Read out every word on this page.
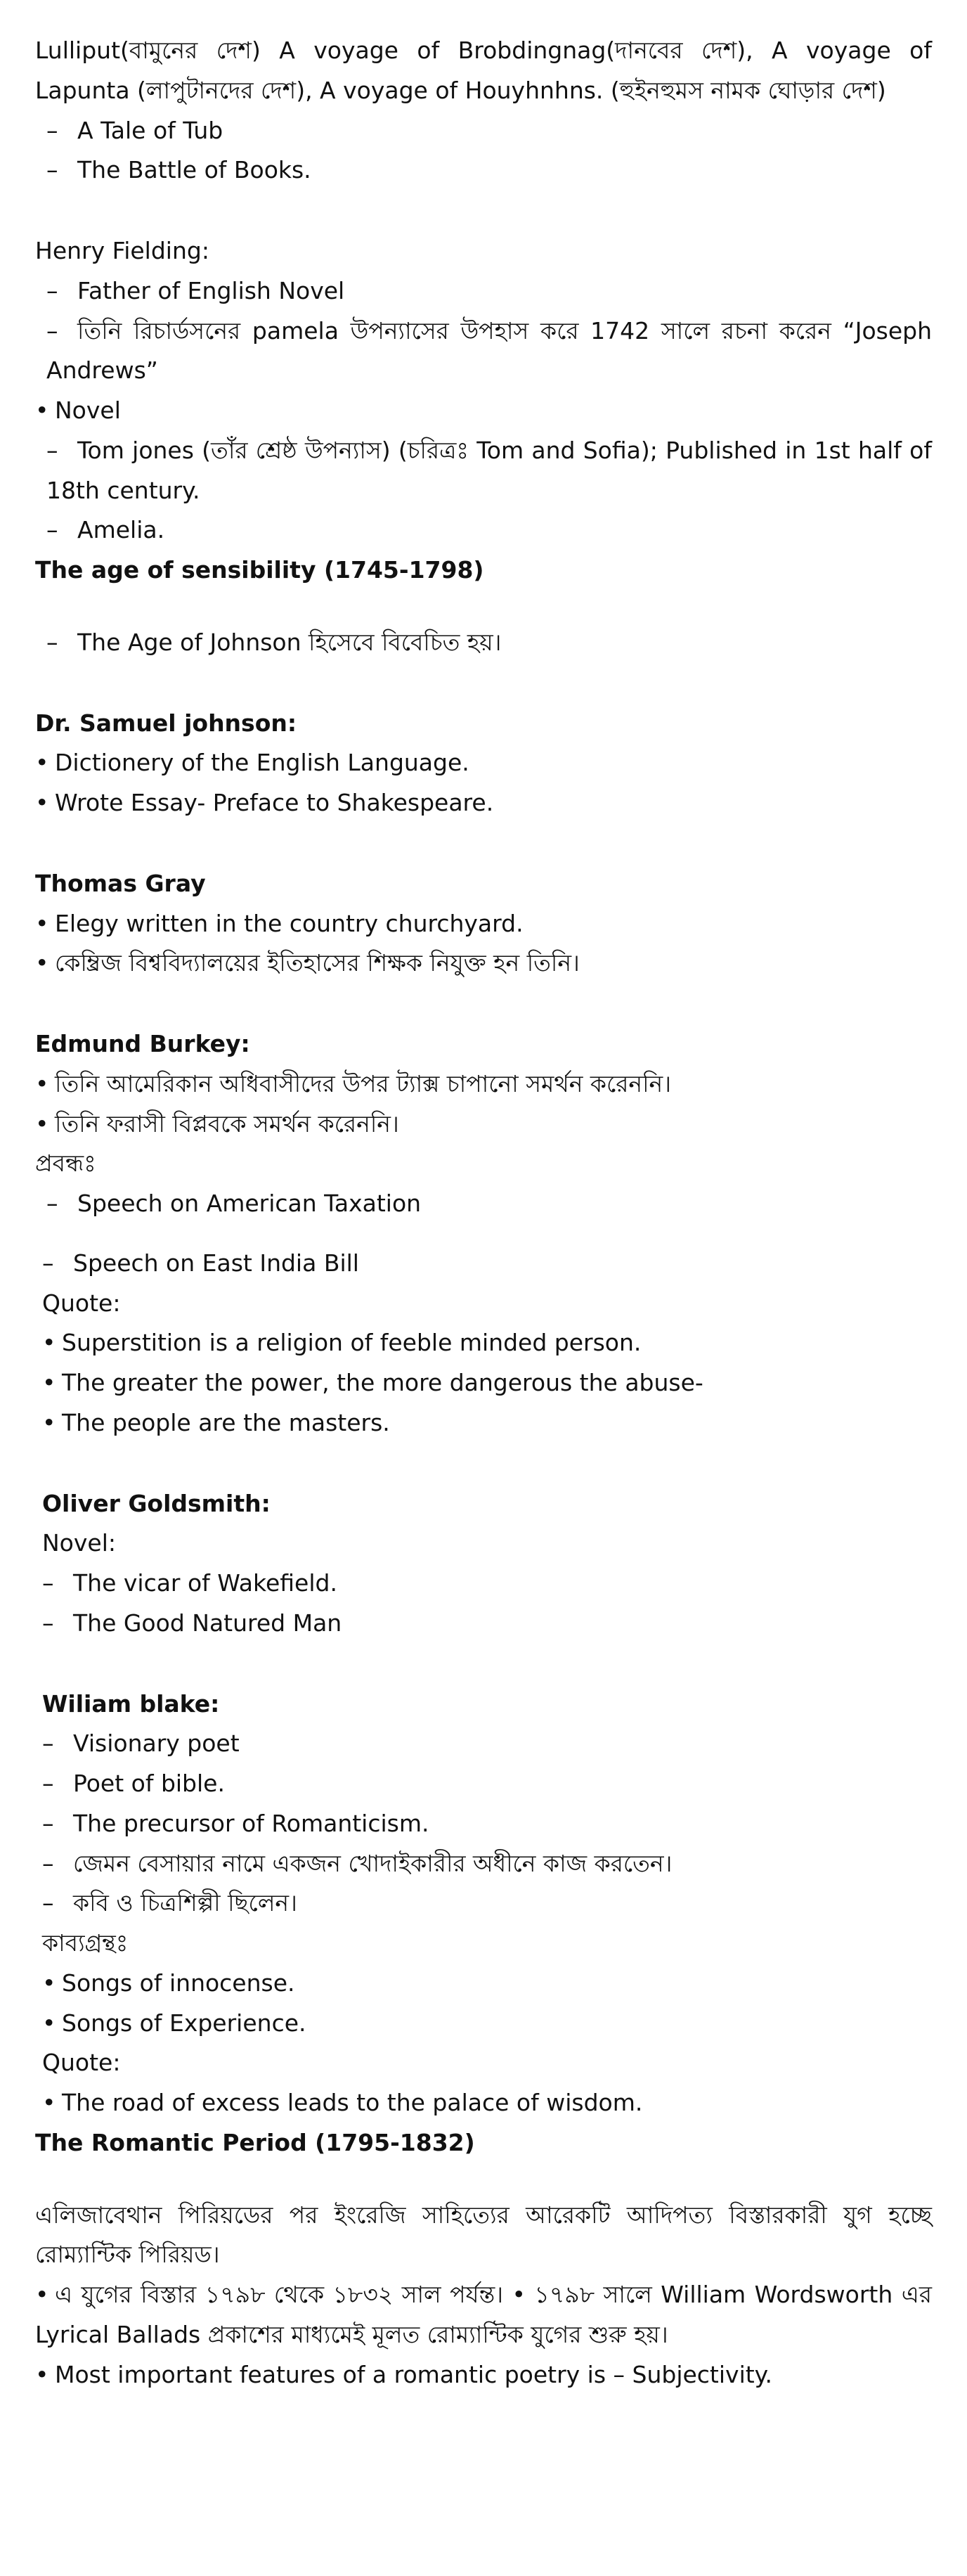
Lulliput(বামুনের দেশ) A voyage of Brobdingnag(দানবের দেশ), A voyage of Lapunta (লাপুটানদের দেশ), A voyage of Houyhnhns. (হুইনহুমস নামক ঘোড়ার দেশ)

– A Tale of Tub

– The Battle of Books.

Henry Fielding:

– Father of English Novel

– তিনি রিচার্ডসনের pamela উপন্যাসের উপহাস করে 1742 সালে রচনা করেন “Joseph Andrews”

• Novel

– Tom jones (তাঁর শ্রেষ্ঠ উপন্যাস) (চরিত্রঃ Tom and Sofia); Published in 1st half of 18th century.

– Amelia.

The age of sensibility (1745-1798)

– The Age of Johnson হিসেবে বিবেচিত হয়।

Dr. Samuel johnson:

• Dictionery of the English Language.

• Wrote Essay- Preface to Shakespeare.

Thomas Gray

• Elegy written in the country churchyard.

• কেম্ব্রিজ বিশ্ববিদ্যালয়ের ইতিহাসের শিক্ষক নিযুক্ত হন তিনি।

Edmund Burkey:

• তিনি আমেরিকান অধিবাসীদের উপর ট্যাক্স চাপানো সমর্থন করেননি।

• তিনি ফরাসী বিপ্লবকে সমর্থন করেননি।

প্রবন্ধঃ

– Speech on American Taxation

– Speech on East India Bill

Quote:

• Superstition is a religion of feeble minded person.

• The greater the power, the more dangerous the abuse-

• The people are the masters.

Oliver Goldsmith:

Novel:

– The vicar of Wakefield.

– The Good Natured Man

Wiliam blake:

– Visionary poet

– Poet of bible.

– The precursor of Romanticism.

– জেমন বেসায়ার নামে একজন খোদাইকারীর অধীনে কাজ করতেন।

– কবি ও চিত্রশিল্পী ছিলেন।

কাব্যগ্রন্থঃ

• Songs of innocense.

• Songs of Experience.

Quote:

• The road of excess leads to the palace of wisdom.

The Romantic Period (1795-1832)

এলিজাবেথান পিরিয়ডের পর ইংরেজি সাহিত্যের আরেকটি আদিপত্য বিস্তারকারী যুগ হচ্ছে রোম্যান্টিক পিরিয়ড।

• এ যুগের বিস্তার ১৭৯৮ থেকে ১৮৩২ সাল পর্যন্ত। • ১৭৯৮ সালে William Wordsworth এর Lyrical Ballads প্রকাশের মাধ্যমেই মূলত রোম্যান্টিক যুগের শুরু হয়।

• Most important features of a romantic poetry is – Subjectivity.
